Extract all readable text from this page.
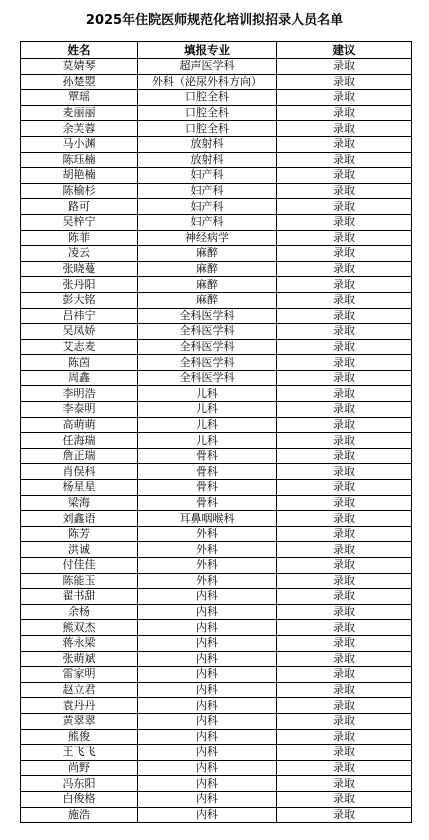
2025年住院医师规范化培训拟招录人员名单
姓名	填报专业	建议
莫婧琴	超声医学科	录取
孙楚曌	外科（泌尿外科方向）	录取
覃瑶	口腔全科	录取
麦丽丽	口腔全科	录取
余芙蓉	口腔全科	录取
马小渊	放射科	录取
陈珏楠	放射科	录取
胡艳楠	妇产科	录取
陈榆杉	妇产科	录取
路可	妇产科	录取
吴梓宁	妇产科	录取
陈菲	神经病学	录取
凌云	麻醉	录取
张晓蔓	麻醉	录取
张丹阳	麻醉	录取
彭大铭	麻醉	录取
吕祎宁	全科医学科	录取
吴凤娇	全科医学科	录取
艾志麦	全科医学科	录取
陈茵	全科医学科	录取
周鑫	全科医学科	录取
李明浩	儿科	录取
李泰明	儿科	录取
高萌萌	儿科	录取
任海瑞	儿科	录取
詹正瑞	骨科	录取
肖俣科	骨科	录取
杨星星	骨科	录取
梁海	骨科	录取
刘鑫语	耳鼻咽喉科	录取
陈芳	外科	录取
洪诚	外科	录取
付佳佳	外科	录取
陈能玉	外科	录取
翟书甜	内科	录取
余杨	内科	录取
熊双杰	内科	录取
蒋永梁	内科	录取
张萌斌	内科	录取
雷家明	内科	录取
赵立君	内科	录取
袁丹丹	内科	录取
黄翠翠	内科	录取
熊俊	内科	录取
王飞飞	内科	录取
尚野	内科	录取
冯东阳	内科	录取
白俊格	内科	录取
施浩	内科	录取
